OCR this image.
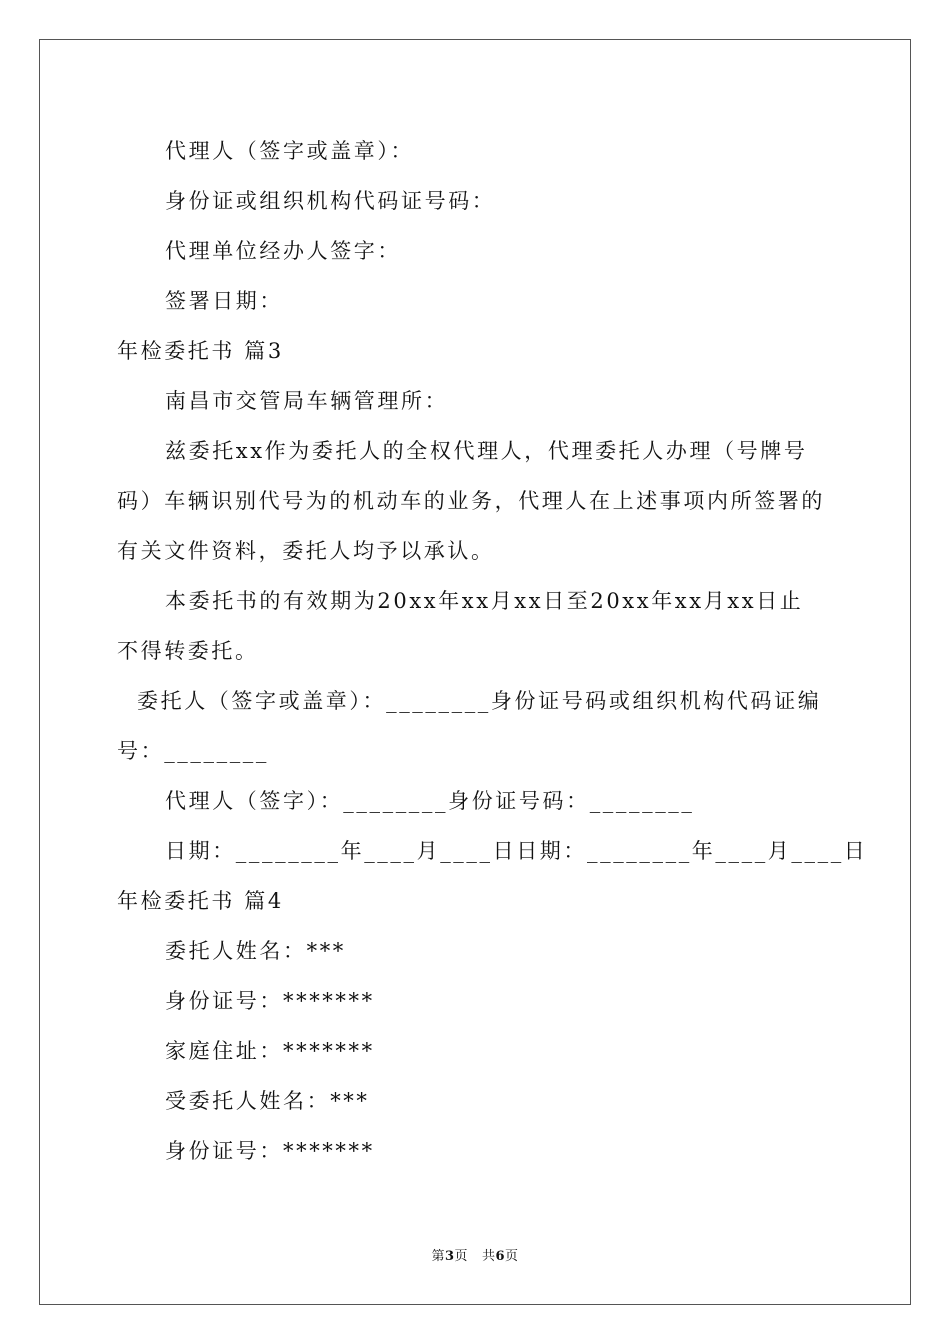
代理人（签字或盖章）：
身份证或组织机构代码证号码：
代理单位经办人签字：
签署日期：
年检委托书 篇3
南昌市交管局车辆管理所：
兹委托xx作为委托人的全权代理人，代理委托人办理（号牌号
码）车辆识别代号为的机动车的业务，代理人在上述事项内所签署的
有关文件资料，委托人均予以承认。
本委托书的有效期为20xx年xx月xx日至20xx年xx月xx日止
不得转委托。
委托人（签字或盖章）：________身份证号码或组织机构代码证编
号：________
代理人（签字）：________身份证号码：________
日期：________年____月____日日期：________年____月____日
年检委托书 篇4
委托人姓名：***
身份证号：*******
家庭住址：*******
受委托人姓名：***
身份证号：*******
第3页 共6页
